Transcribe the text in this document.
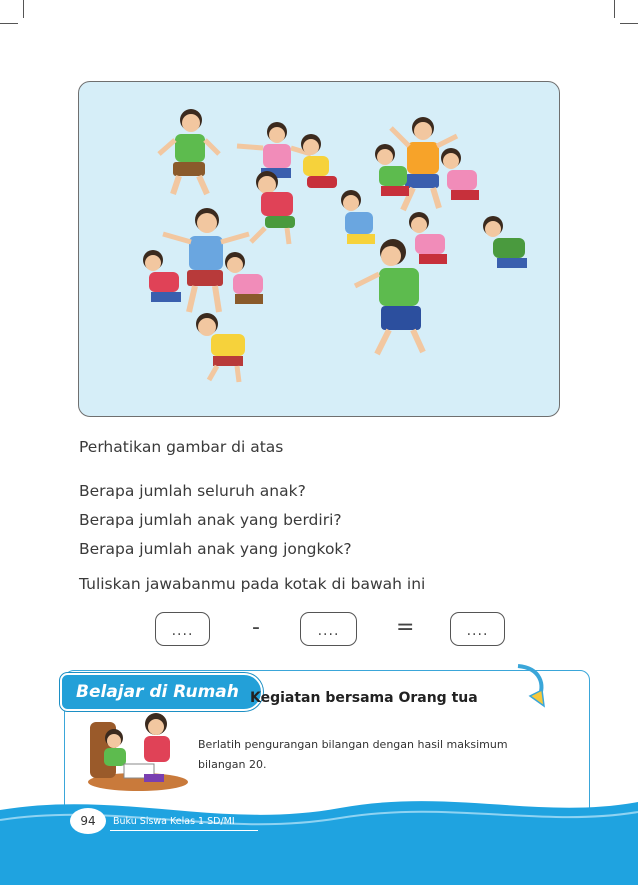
Perhatikan gambar di atas
Berapa jumlah seluruh anak?
Berapa jumlah anak yang berdiri?
Berapa jumlah anak yang jongkok?
Tuliskan jawabanmu pada kotak di bawah ini
....	-	....	=	....
Belajar di Rumah Kegiatan bersama Orang tua
Berlatih pengurangan bilangan dengan hasil maksimum
bilangan 20.
94	Buku Siswa Kelas 1 SD/MI
